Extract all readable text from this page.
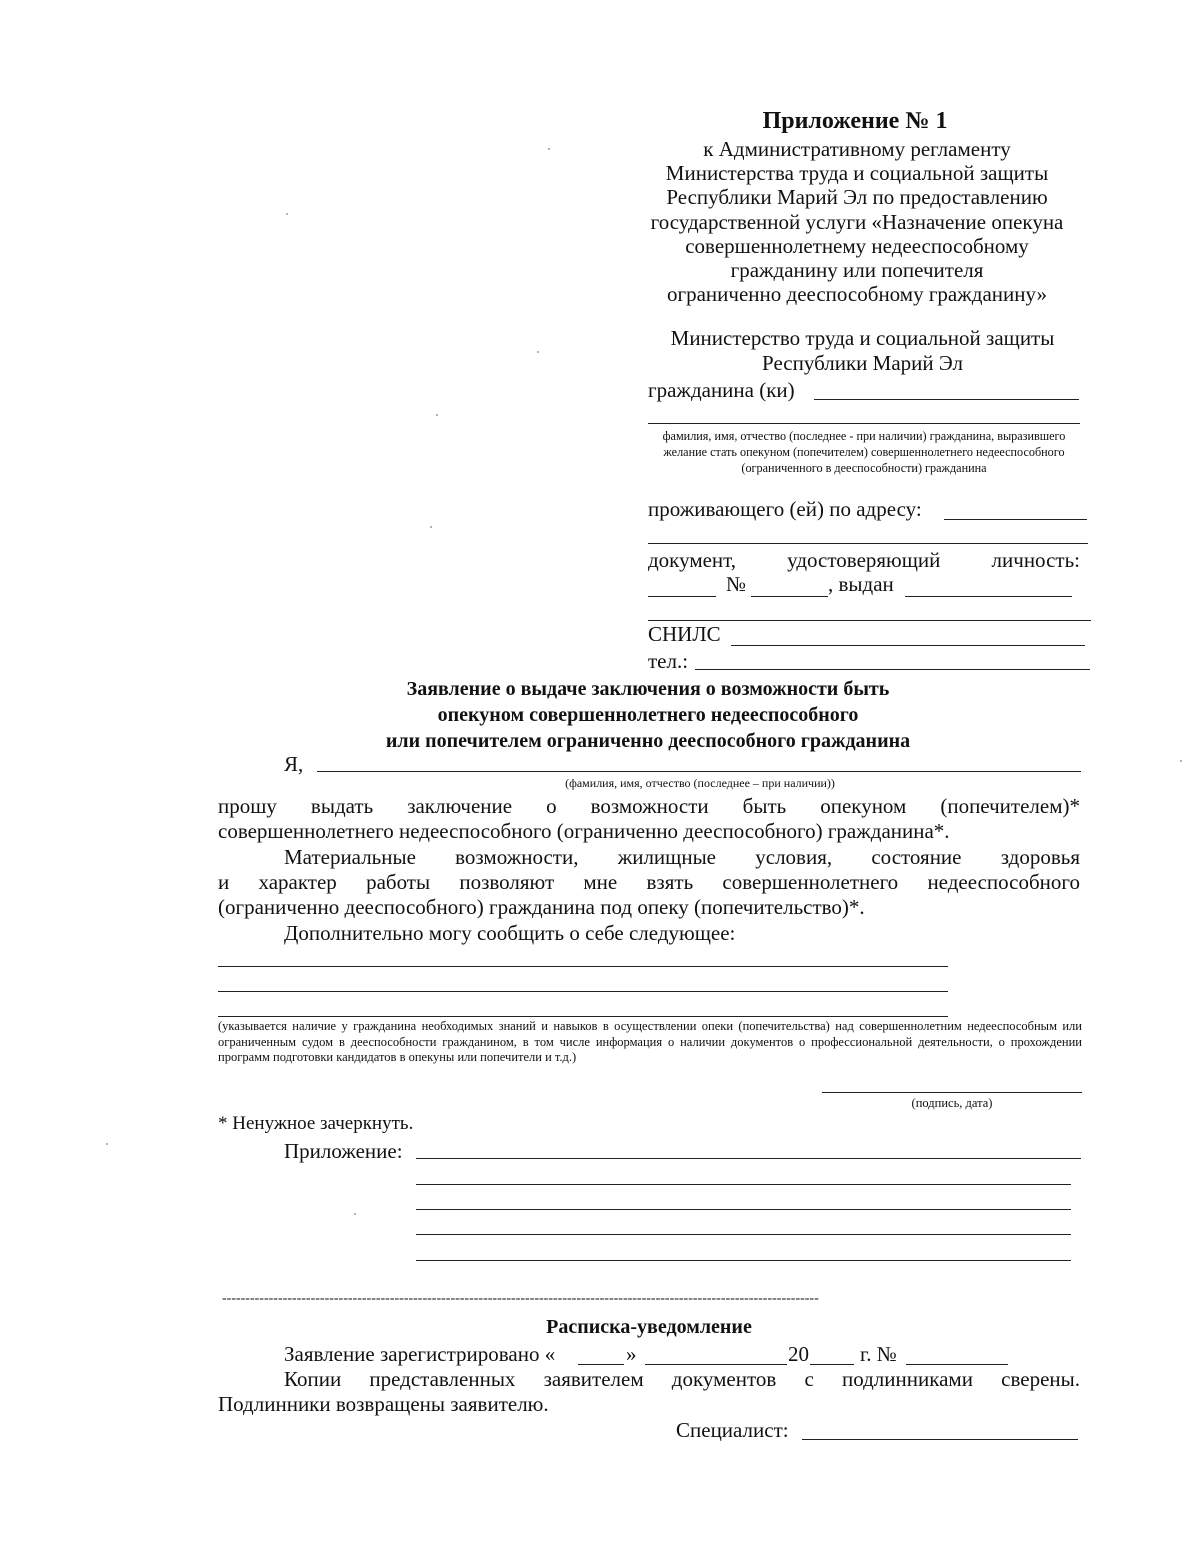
Приложение № 1
к Административному регламенту
Министерства труда и социальной защиты
Республики Марий Эл по предоставлению
государственной услуги «Назначение опекуна
совершеннолетнему недееспособному
гражданину или попечителя
ограниченно дееспособному гражданину»
Министерство труда и социальной защиты
Республики Марий Эл
гражданина (ки)
фамилия, имя, отчество (последнее - при наличии) гражданина, выразившего желание стать опекуном (попечителем) совершеннолетнего недееспособного (ограниченного в дееспособности) гражданина
проживающего (ей) по адресу:
документ, удостоверяющий личность:
№	, выдан
СНИЛС
тел.:
Заявление о выдаче заключения о возможности быть
опекуном совершеннолетнего недееспособного
или попечителем ограниченно дееспособного гражданина
Я,
(фамилия, имя, отчество (последнее – при наличии))
прошу выдать заключение о возможности быть опекуном (попечителем)*
совершеннолетнего недееспособного (ограниченно дееспособного) гражданина*.
Материальные возможности, жилищные условия, состояние здоровья
и характер работы позволяют мне взять совершеннолетнего недееспособного
(ограниченно дееспособного) гражданина под опеку (попечительство)*.
Дополнительно могу сообщить о себе следующее:
(указывается наличие у гражданина необходимых знаний и навыков в осуществлении опеки (попечительства) над совершеннолетним недееспособным или ограниченным судом в дееспособности гражданином, в том числе информация о наличии документов о профессиональной деятельности, о прохождении программ подготовки кандидатов в опекуны или попечители и т.д.)
(подпись, дата)
* Ненужное зачеркнуть.
Приложение:
--------------------------------------------------------------------------------------------------------------------------------
Расписка-уведомление
Заявление зарегистрировано «	»	20 г. №
Копии представленных заявителем документов с подлинниками сверены.
Подлинники возвращены заявителю.
Специалист:
